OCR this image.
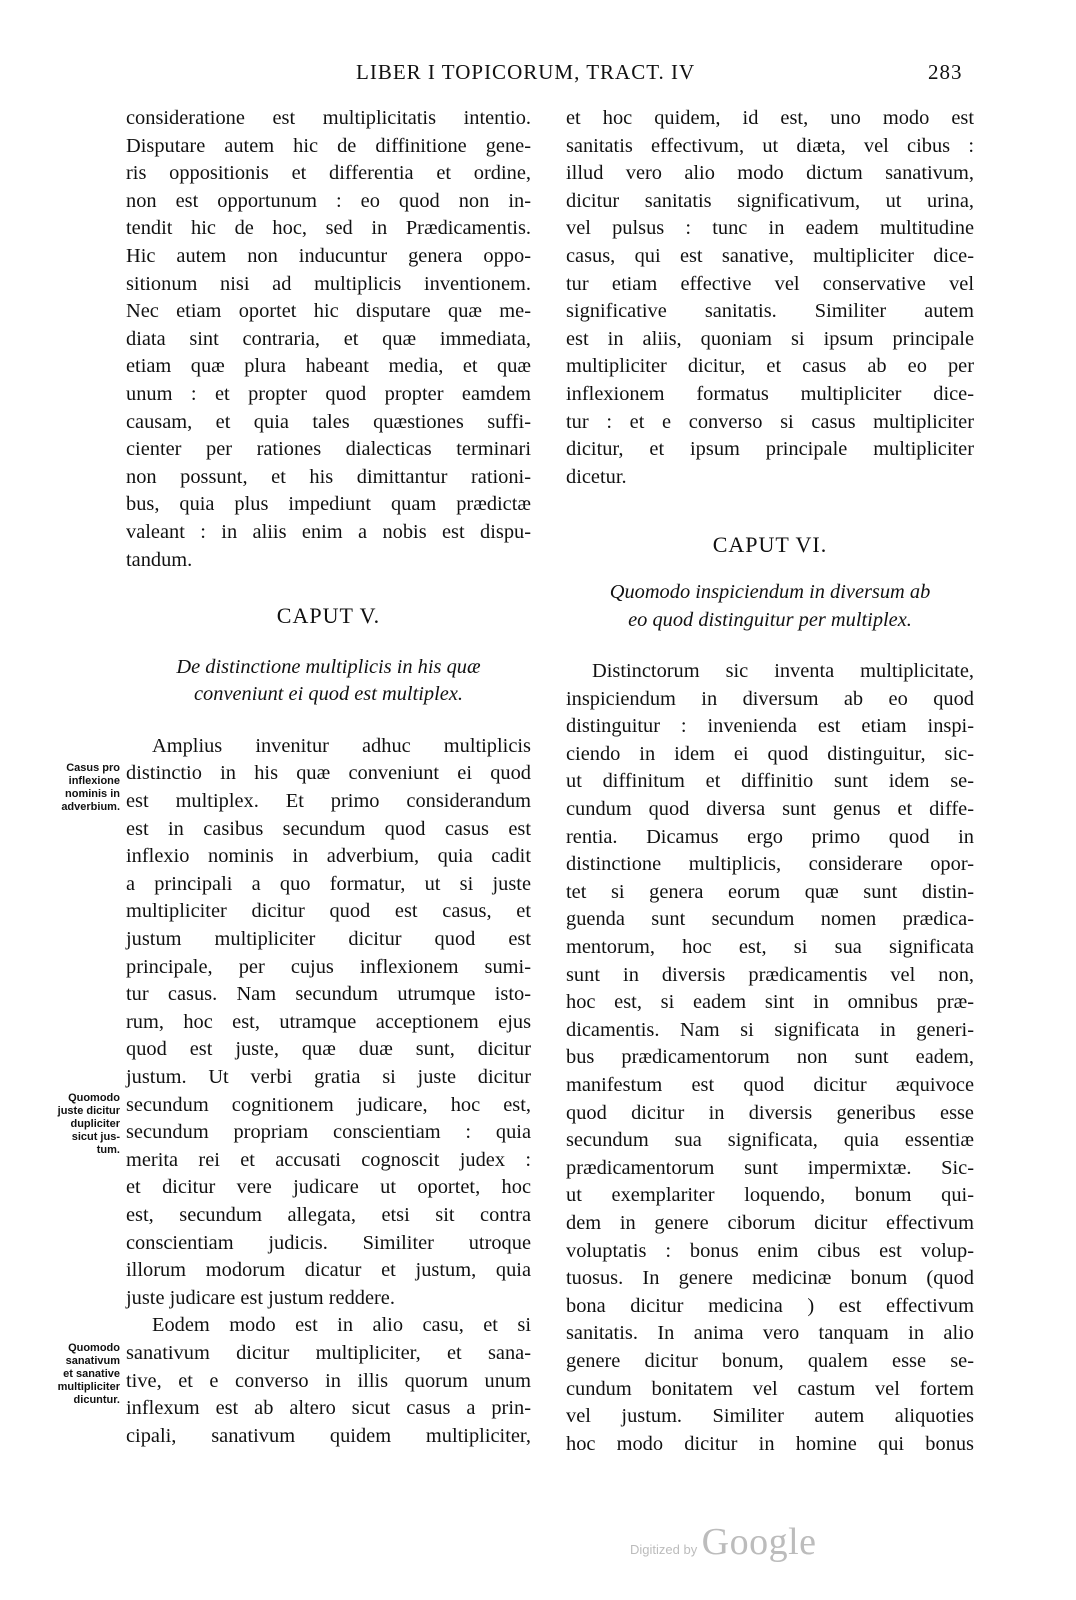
LIBER I TOPICORUM, TRACT. IV	283
consideratione est multiplicitatis intentio.
Disputare autem hic de diffinitione gene-
ris oppositionis et differentia et ordine,
non est opportunum : eo quod non in-
tendit hic de hoc, sed in Prædicamentis.
Hic autem non inducuntur genera oppo-
sitionum nisi ad multiplicis inventionem.
Nec etiam oportet hic disputare quæ me-
diata sint contraria, et quæ immediata,
etiam quæ plura habeant media, et quæ
unum : et propter quod propter eamdem
causam, et quia tales quæstiones suffi-
cienter per rationes dialecticas terminari
non possunt, et his dimittantur rationi-
bus, quia plus impediunt quam prædictæ
valeant : in aliis enim a nobis est dispu-
tandum.
CAPUT V.
De distinctione multiplicis in his quæ
conveniunt ei quod est multiplex.
Amplius invenitur adhuc multiplicis
distinctio in his quæ conveniunt ei quod
est multiplex. Et primo considerandum
est in casibus secundum quod casus est
inflexio nominis in adverbium, quia cadit
a principali a quo formatur, ut si juste
multipliciter dicitur quod est casus, et
justum multipliciter dicitur quod est
principale, per cujus inflexionem sumi-
tur casus. Nam secundum utrumque isto-
rum, hoc est, utramque acceptionem ejus
quod est juste, quæ duæ sunt, dicitur
justum. Ut verbi gratia si juste dicitur
secundum cognitionem judicare, hoc est,
secundum propriam conscientiam : quia
merita rei et accusati cognoscit judex :
et dicitur vere judicare ut oportet, hoc
est, secundum allegata, etsi sit contra
conscientiam judicis. Similiter utroque
illorum modorum dicatur et justum, quia
juste judicare est justum reddere.
Eodem modo est in alio casu, et si
sanativum dicitur multipliciter, et sana-
tive, et e converso in illis quorum unum
inflexum est ab altero sicut casus a prin-
cipali, sanativum quidem multipliciter,
Casus pro
inflexione
nominis in
adverbium.
Quomodo
juste dicitur
dupliciter
sicut jus-
tum.
Quomodo
sanativum
et sanative
multipliciter
dicuntur.
et hoc quidem, id est, uno modo est
sanitatis effectivum, ut diæta, vel cibus :
illud vero alio modo dictum sanativum,
dicitur sanitatis significativum, ut urina,
vel pulsus : tunc in eadem multitudine
casus, qui est sanative, multipliciter dice-
tur etiam effective vel conservative vel
significative sanitatis. Similiter autem
est in aliis, quoniam si ipsum principale
multipliciter dicitur, et casus ab eo per
inflexionem formatus multipliciter dice-
tur : et e converso si casus multipliciter
dicitur, et ipsum principale multipliciter
dicetur.
CAPUT VI.
Quomodo inspiciendum in diversum ab
eo quod distinguitur per multiplex.
Distinctorum sic inventa multiplicitate,
inspiciendum in diversum ab eo quod
distinguitur : invenienda est etiam inspi-
ciendo in idem ei quod distinguitur, sic-
ut diffinitum et diffinitio sunt idem se-
cundum quod diversa sunt genus et diffe-
rentia. Dicamus ergo primo quod in
distinctione multiplicis, considerare opor-
tet si genera eorum quæ sunt distin-
guenda sunt secundum nomen prædica-
mentorum, hoc est, si sua significata
sunt in diversis prædicamentis vel non,
hoc est, si eadem sint in omnibus præ-
dicamentis. Nam si significata in generi-
bus prædicamentorum non sunt eadem,
manifestum est quod dicitur æquivoce
quod dicitur in diversis generibus esse
secundum sua significata, quia essentiæ
prædicamentorum sunt impermixtæ. Sic-
ut exemplariter loquendo, bonum qui-
dem in genere ciborum dicitur effectivum
voluptatis : bonus enim cibus est volup-
tuosus. In genere medicinæ bonum (quod
bona dicitur medicina ) est effectivum
sanitatis. In anima vero tanquam in alio
genere dicitur bonum, qualem esse se-
cundum bonitatem vel castum vel fortem
vel justum. Similiter autem aliquoties
hoc modo dicitur in homine qui bonus
Digitized by Google
